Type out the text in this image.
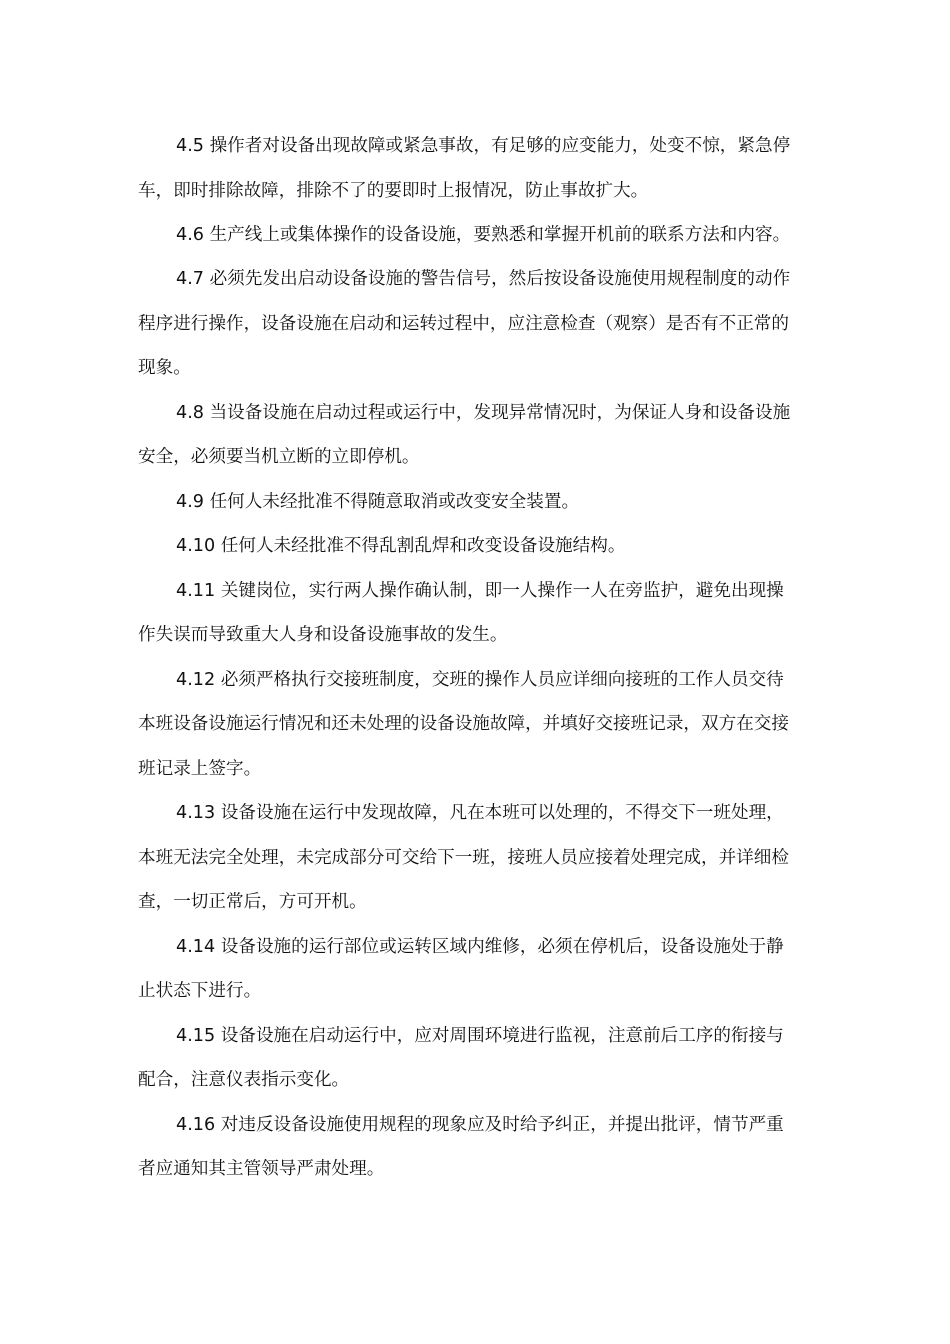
4.5 操作者对设备出现故障或紧急事故，有足够的应变能力，处变不惊，紧急停
车，即时排除故障，排除不了的要即时上报情况，防止事故扩大。
4.6 生产线上或集体操作的设备设施，要熟悉和掌握开机前的联系方法和内容。
4.7 必须先发出启动设备设施的警告信号，然后按设备设施使用规程制度的动作
程序进行操作，设备设施在启动和运转过程中，应注意检查（观察）是否有不正常的
现象。
4.8 当设备设施在启动过程或运行中，发现异常情况时，为保证人身和设备设施
安全，必须要当机立断的立即停机。
4.9 任何人未经批准不得随意取消或改变安全装置。
4.10 任何人未经批准不得乱割乱焊和改变设备设施结构。
4.11 关键岗位，实行两人操作确认制，即一人操作一人在旁监护，避免出现操
作失误而导致重大人身和设备设施事故的发生。
4.12 必须严格执行交接班制度，交班的操作人员应详细向接班的工作人员交待
本班设备设施运行情况和还未处理的设备设施故障，并填好交接班记录，双方在交接
班记录上签字。
4.13 设备设施在运行中发现故障，凡在本班可以处理的，不得交下一班处理，
本班无法完全处理，未完成部分可交给下一班，接班人员应接着处理完成，并详细检
查，一切正常后，方可开机。
4.14 设备设施的运行部位或运转区域内维修，必须在停机后，设备设施处于静
止状态下进行。
4.15 设备设施在启动运行中，应对周围环境进行监视，注意前后工序的衔接与
配合，注意仪表指示变化。
4.16 对违反设备设施使用规程的现象应及时给予纠正，并提出批评，情节严重
者应通知其主管领导严肃处理。
